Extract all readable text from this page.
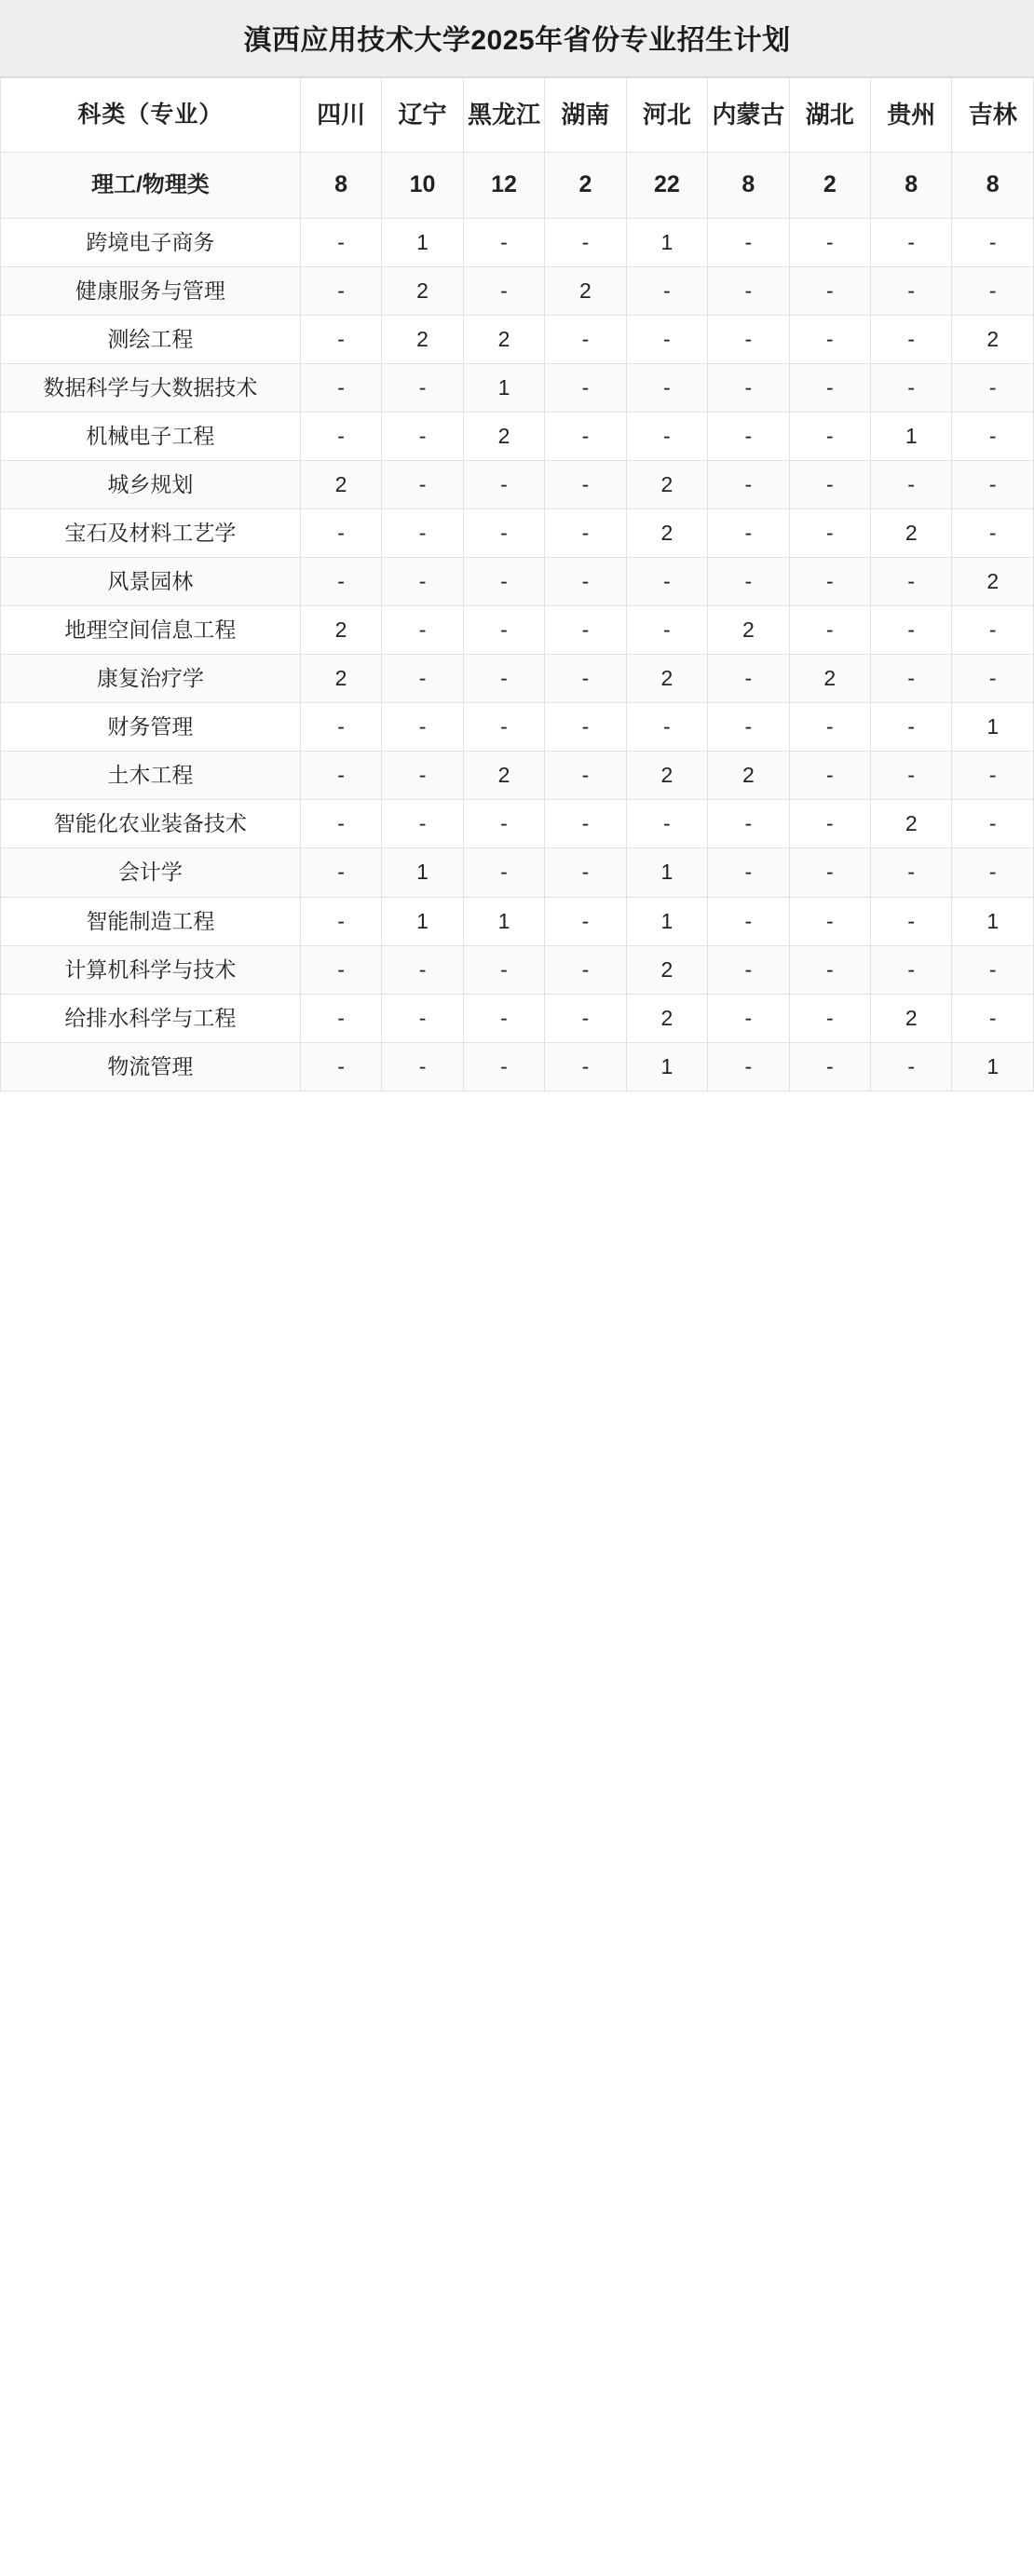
滇西应用技术大学2025年省份专业招生计划
科类（专业）	四川	辽宁	黑龙江	湖南	河北	内蒙古	湖北	贵州	吉林
理工/物理类	8	10	12	2	22	8	2	8	8
跨境电子商务	-	1	-	-	1	-	-	-	-
健康服务与管理	-	2	-	2	-	-	-	-	-
测绘工程	-	2	2	-	-	-	-	-	2
数据科学与大数据技术	-	-	1	-	-	-	-	-	-
机械电子工程	-	-	2	-	-	-	-	1	-
城乡规划	2	-	-	-	2	-	-	-	-
宝石及材料工艺学	-	-	-	-	2	-	-	2	-
风景园林	-	-	-	-	-	-	-	-	2
地理空间信息工程	2	-	-	-	-	2	-	-	-
康复治疗学	2	-	-	-	2	-	2	-	-
财务管理	-	-	-	-	-	-	-	-	1
土木工程	-	-	2	-	2	2	-	-	-
智能化农业装备技术	-	-	-	-	-	-	-	2	-
会计学	-	1	-	-	1	-	-	-	-
智能制造工程	-	1	1	-	1	-	-	-	1
计算机科学与技术	-	-	-	-	2	-	-	-	-
给排水科学与工程	-	-	-	-	2	-	-	2	-
物流管理	-	-	-	-	1	-	-	-	1
